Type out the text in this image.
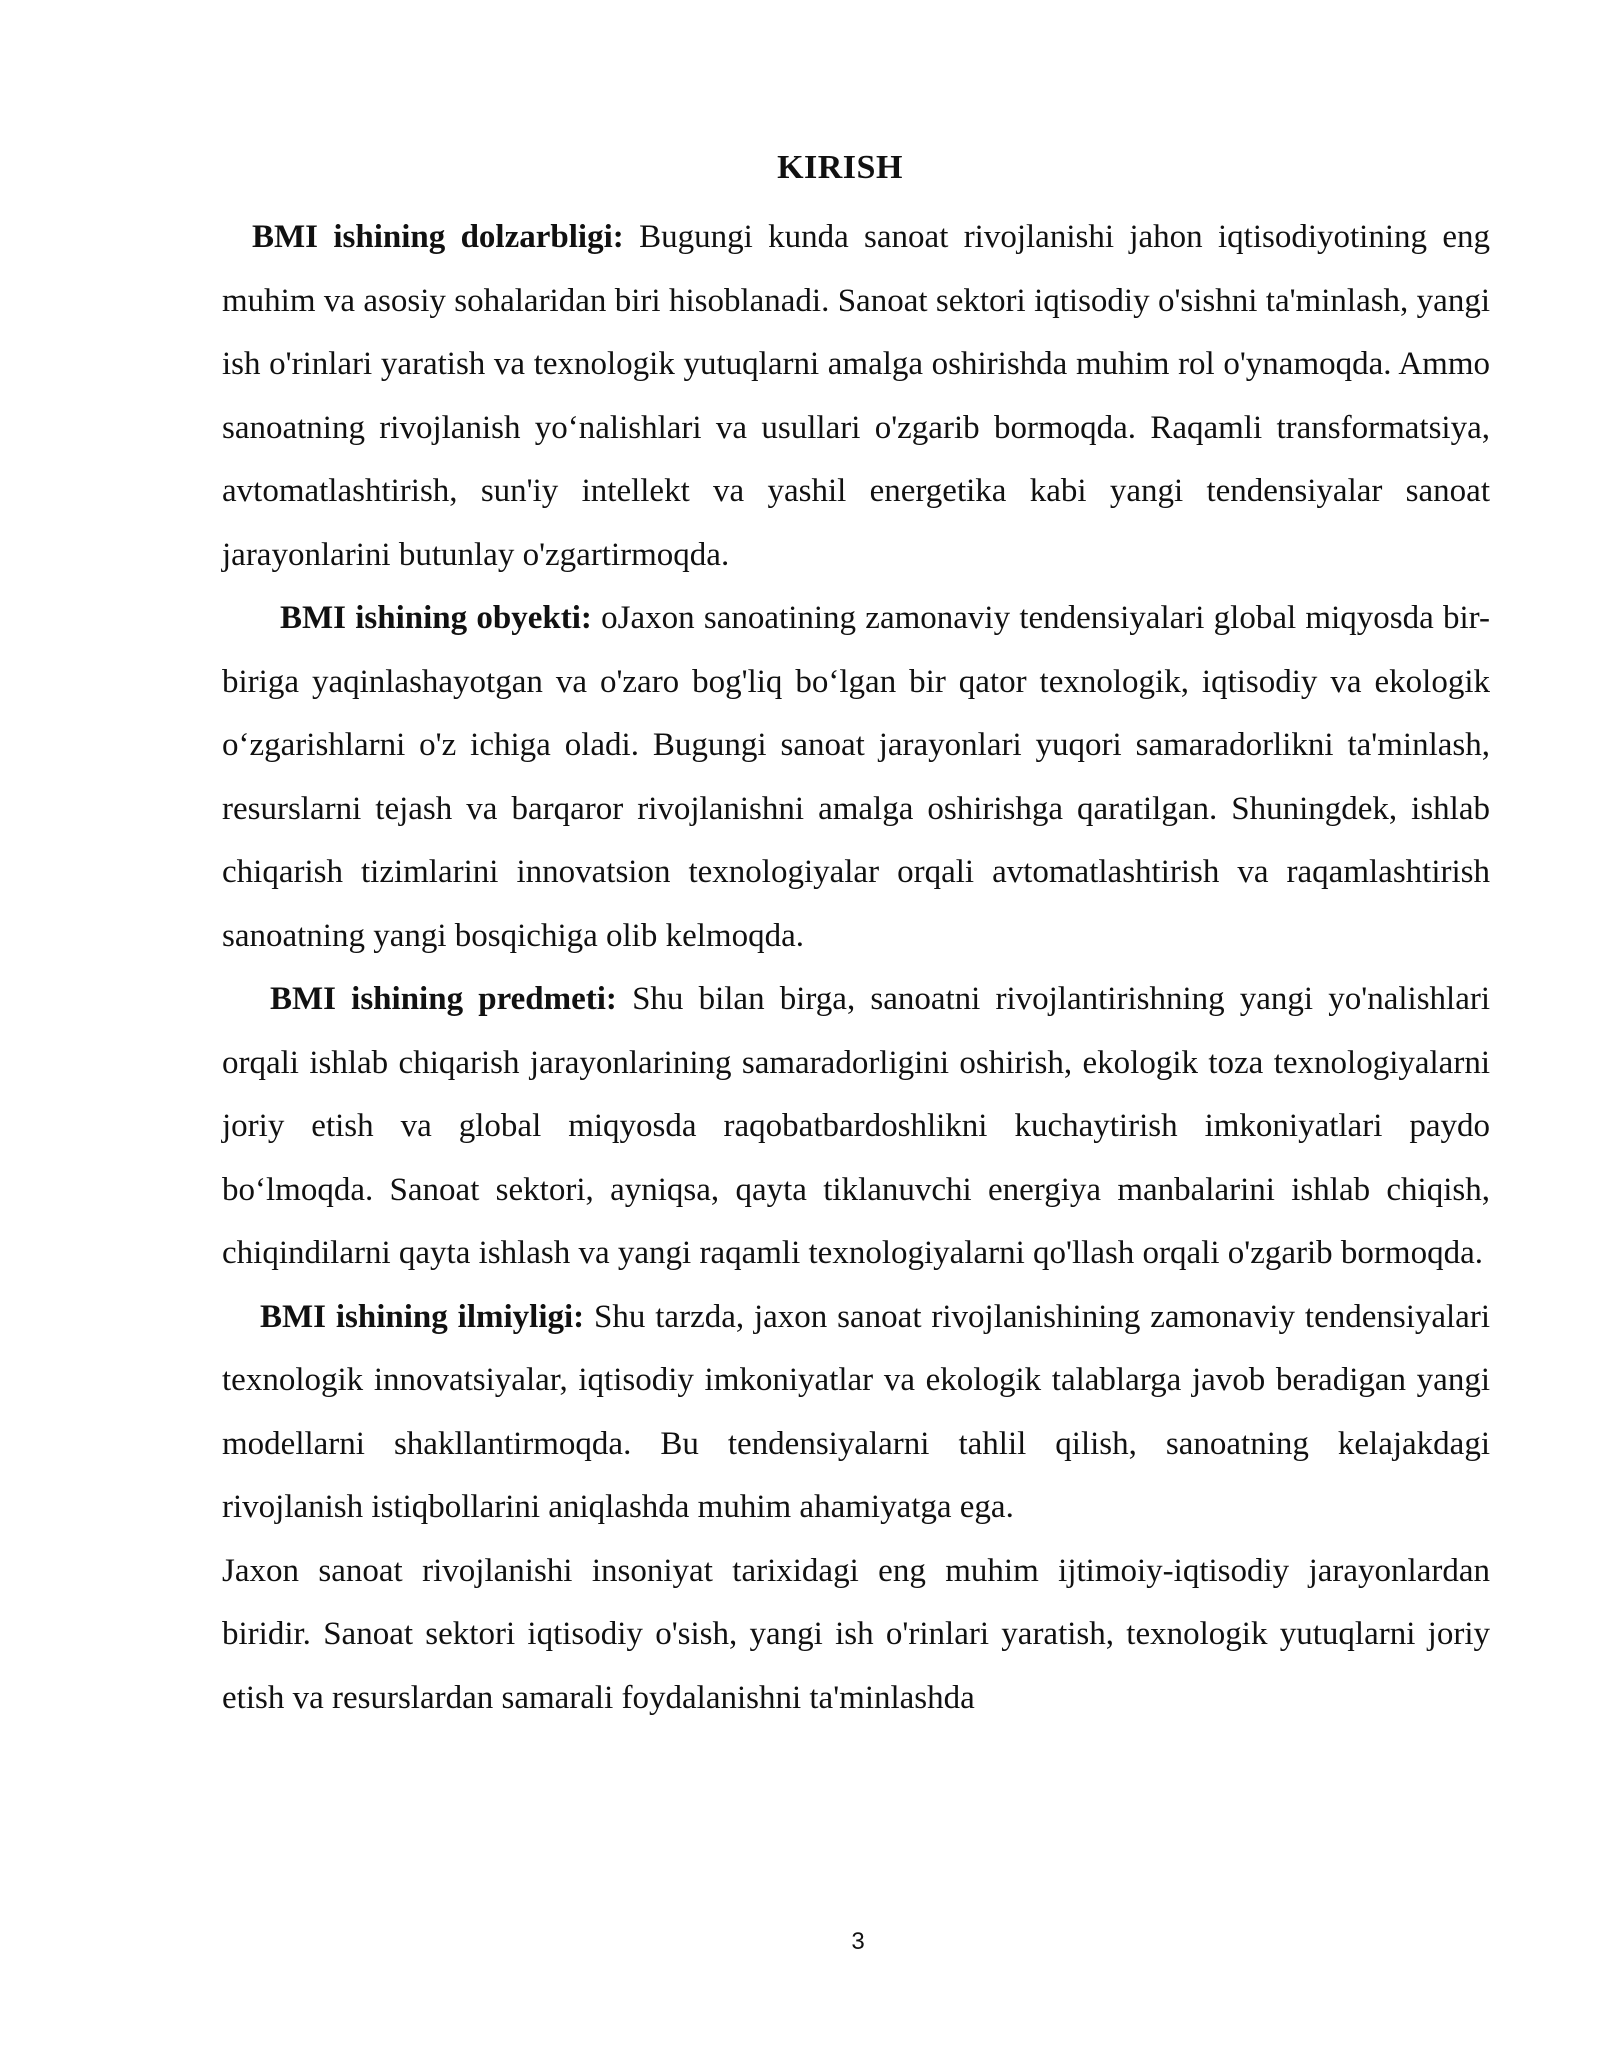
KIRISH

BMI ishining dolzarbligi: Bugungi kunda sanoat rivojlanishi jahon iqtisodiyotining eng muhim va asosiy sohalaridan biri hisoblanadi. Sanoat sektori iqtisodiy o'sishni ta'minlash, yangi ish o'rinlari yaratish va texnologik yutuqlarni amalga oshirishda muhim rol o'ynamoqda. Ammo sanoatning rivojlanish yo‘nalishlari va usullari o'zgarib bormoqda. Raqamli transformatsiya, avtomatlashtirish, sun'iy intellekt va yashil energetika kabi yangi tendensiyalar sanoat jarayonlarini butunlay o'zgartirmoqda.

BMI ishining obyekti: oJaxon sanoatining zamonaviy tendensiyalari global miqyosda bir-biriga yaqinlashayotgan va o'zaro bog'liq bo‘lgan bir qator texnologik, iqtisodiy va ekologik o‘zgarishlarni o'z ichiga oladi. Bugungi sanoat jarayonlari yuqori samaradorlikni ta'minlash, resurslarni tejash va barqaror rivojlanishni amalga oshirishga qaratilgan. Shuningdek, ishlab chiqarish tizimlarini innovatsion texnologiyalar orqali avtomatlashtirish va raqamlashtirish sanoatning yangi bosqichiga olib kelmoqda.

BMI ishining predmeti: Shu bilan birga, sanoatni rivojlantirishning yangi yo'nalishlari orqali ishlab chiqarish jarayonlarining samaradorligini oshirish, ekologik toza texnologiyalarni joriy etish va global miqyosda raqobatbardoshlikni kuchaytirish imkoniyatlari paydo bo‘lmoqda. Sanoat sektori, ayniqsa, qayta tiklanuvchi energiya manbalarini ishlab chiqish, chiqindilarni qayta ishlash va yangi raqamli texnologiyalarni qo'llash orqali o'zgarib bormoqda.

BMI ishining ilmiyligi: Shu tarzda, jaxon sanoat rivojlanishining zamonaviy tendensiyalari texnologik innovatsiyalar, iqtisodiy imkoniyatlar va ekologik talablarga javob beradigan yangi modellarni shakllantirmoqda. Bu tendensiyalarni tahlil qilish, sanoatning kelajakdagi rivojlanish istiqbollarini aniqlashda muhim ahamiyatga ega.

Jaxon sanoat rivojlanishi insoniyat tarixidagi eng muhim ijtimoiy-iqtisodiy jarayonlardan biridir. Sanoat sektori iqtisodiy o'sish, yangi ish o'rinlari yaratish, texnologik yutuqlarni joriy etish va resurslardan samarali foydalanishni ta'minlashda

3
